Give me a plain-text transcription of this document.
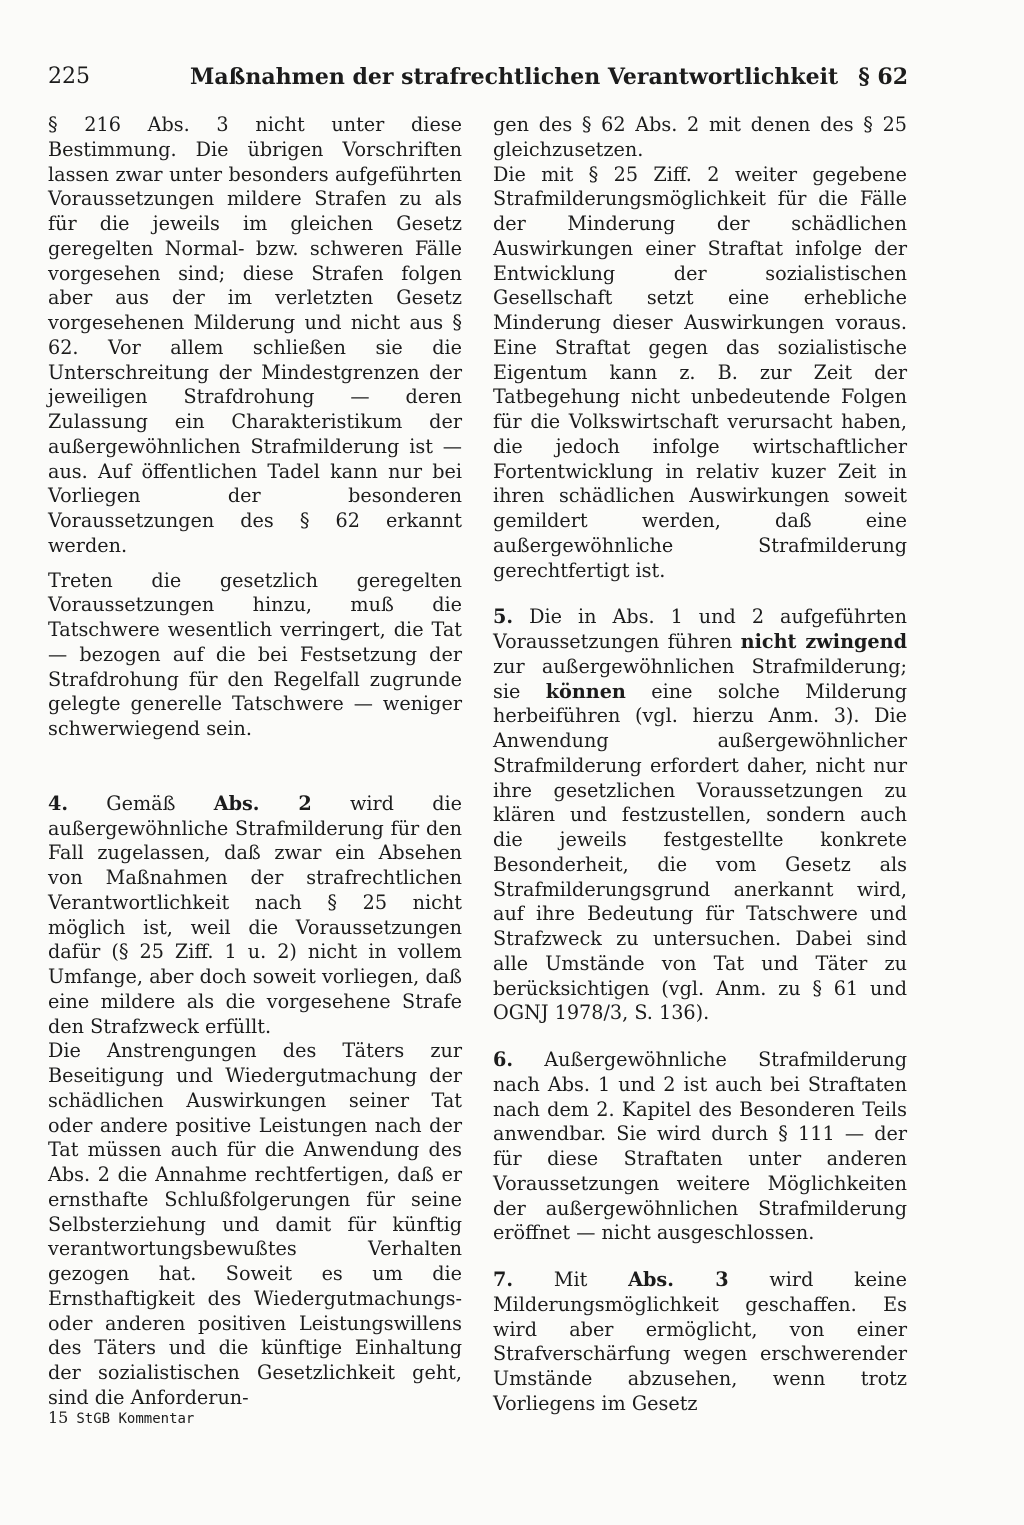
225	Maßnahmen der strafrechtlichen Verantwortlichkeit § 62

§ 216 Abs. 3 nicht unter diese Bestimmung. Die übrigen Vorschriften lassen zwar unter besonders aufgeführten Voraussetzungen mildere Strafen zu als für die jeweils im gleichen Gesetz geregelten Normal- bzw. schweren Fälle vorgesehen sind; diese Strafen folgen aber aus der im verletzten Gesetz vorgesehenen Milderung und nicht aus § 62. Vor allem schließen sie die Unterschreitung der Mindestgrenzen der jeweiligen Strafdrohung — deren Zulassung ein Charakteristikum der außergewöhnlichen Strafmilderung ist — aus. Auf öffentlichen Tadel kann nur bei Vorliegen der besonderen Voraussetzungen des § 62 erkannt werden.

Treten die gesetzlich geregelten Voraussetzungen hinzu, muß die Tatschwere wesentlich verringert, die Tat — bezogen auf die bei Festsetzung der Strafdrohung für den Regelfall zugrunde gelegte generelle Tatschwere — weniger schwerwiegend sein.

4. Gemäß Abs. 2 wird die außergewöhnliche Strafmilderung für den Fall zugelassen, daß zwar ein Absehen von Maßnahmen der strafrechtlichen Verantwortlichkeit nach § 25 nicht möglich ist, weil die Voraussetzungen dafür (§ 25 Ziff. 1 u. 2) nicht in vollem Umfange, aber doch soweit vorliegen, daß eine mildere als die vorgesehene Strafe den Strafzweck erfüllt.

Die Anstrengungen des Täters zur Beseitigung und Wiedergutmachung der schädlichen Auswirkungen seiner Tat oder andere positive Leistungen nach der Tat müssen auch für die Anwendung des Abs. 2 die Annahme rechtfertigen, daß er ernsthafte Schlußfolgerungen für seine Selbsterziehung und damit für künftig verantwortungsbewußtes Verhalten gezogen hat. Soweit es um die Ernsthaftigkeit des Wiedergutmachungs- oder anderen positiven Leistungswillens des Täters und die künftige Einhaltung der sozialistischen Gesetzlichkeit geht, sind die Anforderun-

gen des § 62 Abs. 2 mit denen des § 25 gleichzusetzen.

Die mit § 25 Ziff. 2 weiter gegebene Strafmilderungsmöglichkeit für die Fälle der Minderung der schädlichen Auswirkungen einer Straftat infolge der Entwicklung der sozialistischen Gesellschaft setzt eine erhebliche Minderung dieser Auswirkungen voraus. Eine Straftat gegen das sozialistische Eigentum kann z. B. zur Zeit der Tatbegehung nicht unbedeutende Folgen für die Volkswirtschaft verursacht haben, die jedoch infolge wirtschaftlicher Fortentwicklung in relativ kuzer Zeit in ihren schädlichen Auswirkungen soweit gemildert werden, daß eine außergewöhnliche Strafmilderung gerechtfertigt ist.

5. Die in Abs. 1 und 2 aufgeführten Voraussetzungen führen nicht zwingend zur außergewöhnlichen Strafmilderung; sie können eine solche Milderung herbeiführen (vgl. hierzu Anm. 3). Die Anwendung außergewöhnlicher Strafmilderung erfordert daher, nicht nur ihre gesetzlichen Voraussetzungen zu klären und festzustellen, sondern auch die jeweils festgestellte konkrete Besonderheit, die vom Gesetz als Strafmilderungsgrund anerkannt wird, auf ihre Bedeutung für Tatschwere und Strafzweck zu untersuchen. Dabei sind alle Umstände von Tat und Täter zu berücksichtigen (vgl. Anm. zu § 61 und OGNJ 1978/3, S. 136).

6. Außergewöhnliche Strafmilderung nach Abs. 1 und 2 ist auch bei Straftaten nach dem 2. Kapitel des Besonderen Teils anwendbar. Sie wird durch § 111 — der für diese Straftaten unter anderen Voraussetzungen weitere Möglichkeiten der außergewöhnlichen Strafmilderung eröffnet — nicht ausgeschlossen.

7. Mit Abs. 3 wird keine Milderungsmöglichkeit geschaffen. Es wird aber ermöglicht, von einer Strafverschärfung wegen erschwerender Umstände abzusehen, wenn trotz Vorliegens im Gesetz

15 StGB Kommentar
